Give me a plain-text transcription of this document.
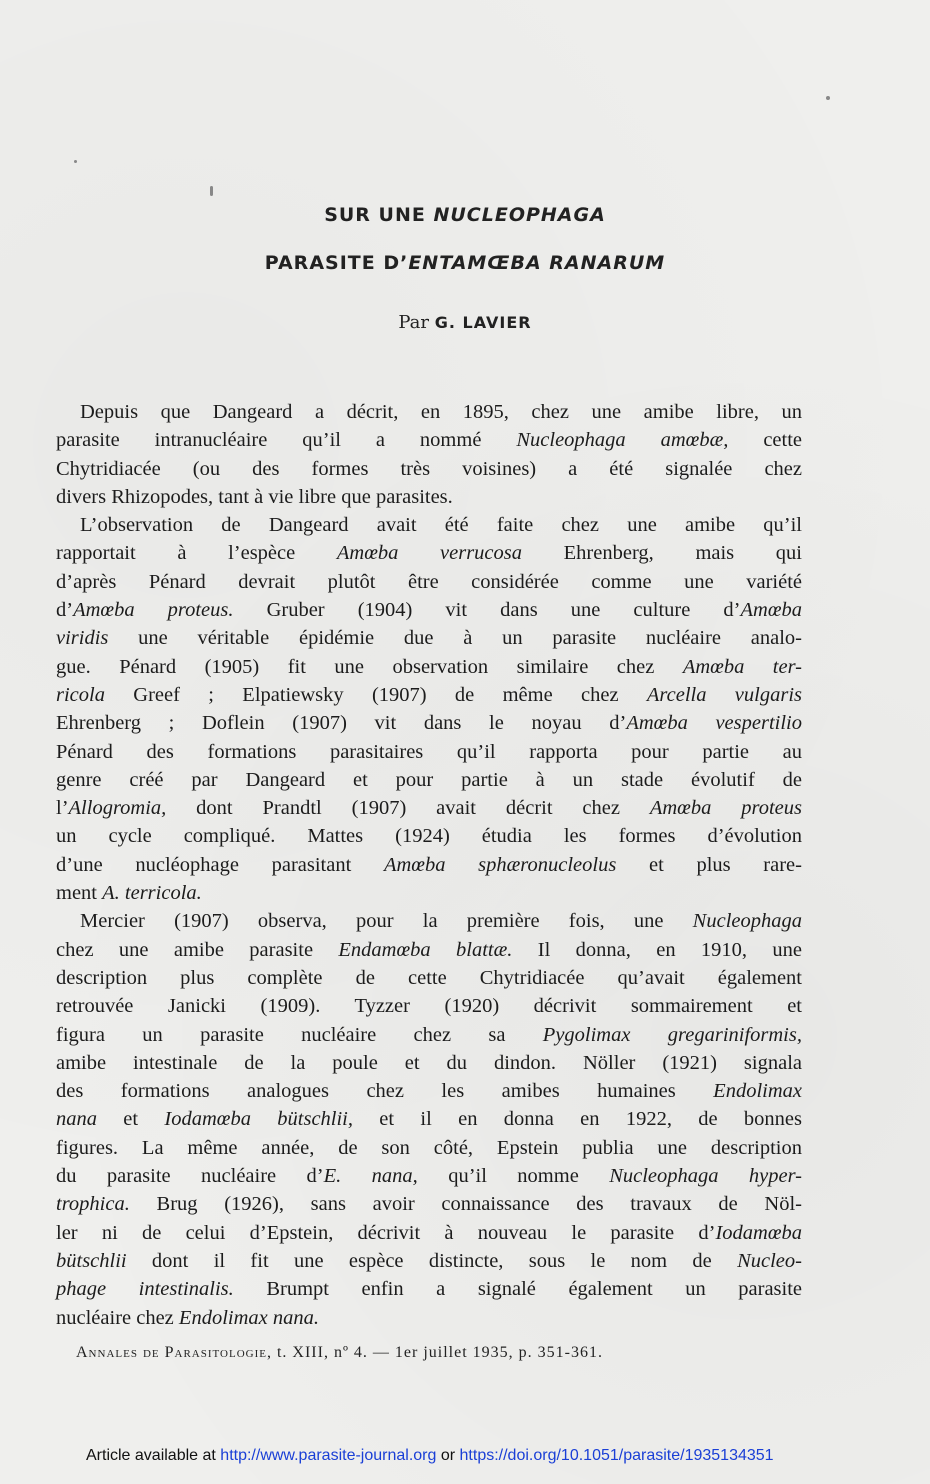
SUR UNE NUCLEOPHAGA
PARASITE D’ENTAMŒBA RANARUM
Par G. LAVIER
Depuis que Dangeard a décrit, en 1895, chez une amibe libre, un
parasite intranucléaire qu’il a nommé Nucleophaga amœbæ, cette
Chytridiacée (ou des formes très voisines) a été signalée chez
divers Rhizopodes, tant à vie libre que parasites.
L’observation de Dangeard avait été faite chez une amibe qu’il
rapportait à l’espèce Amœba verrucosa Ehrenberg, mais qui
d’après Pénard devrait plutôt être considérée comme une variété
d’Amœba proteus. Gruber (1904) vit dans une culture d’Amœba
viridis une véritable épidémie due à un parasite nucléaire analo-
gue. Pénard (1905) fit une observation similaire chez Amœba ter-
ricola Greef ; Elpatiewsky (1907) de même chez Arcella vulgaris
Ehrenberg ; Doflein (1907) vit dans le noyau d’Amœba vespertilio
Pénard des formations parasitaires qu’il rapporta pour partie au
genre créé par Dangeard et pour partie à un stade évolutif de
l’Allogromia, dont Prandtl (1907) avait décrit chez Amœba proteus
un cycle compliqué. Mattes (1924) étudia les formes d’évolution
d’une nucléophage parasitant Amœba sphæronucleolus et plus rare-
ment A. terricola.
Mercier (1907) observa, pour la première fois, une Nucleophaga
chez une amibe parasite Endamœba blattæ. Il donna, en 1910, une
description plus complète de cette Chytridiacée qu’avait également
retrouvée Janicki (1909). Tyzzer (1920) décrivit sommairement et
figura un parasite nucléaire chez sa Pygolimax gregariniformis,
amibe intestinale de la poule et du dindon. Nöller (1921) signala
des formations analogues chez les amibes humaines Endolimax
nana et Iodamœba bütschlii, et il en donna en 1922, de bonnes
figures. La même année, de son côté, Epstein publia une description
du parasite nucléaire d’E. nana, qu’il nomme Nucleophaga hyper-
trophica. Brug (1926), sans avoir connaissance des travaux de Nöl-
ler ni de celui d’Epstein, décrivit à nouveau le parasite d’Iodamœba
bütschlii dont il fit une espèce distincte, sous le nom de Nucleo-
phage intestinalis. Brumpt enfin a signalé également un parasite
nucléaire chez Endolimax nana.
Annales de Parasitologie, t. XIII, nº 4. — 1er juillet 1935, p. 351-361.
Article available at http://www.parasite-journal.org or https://doi.org/10.1051/parasite/1935134351
